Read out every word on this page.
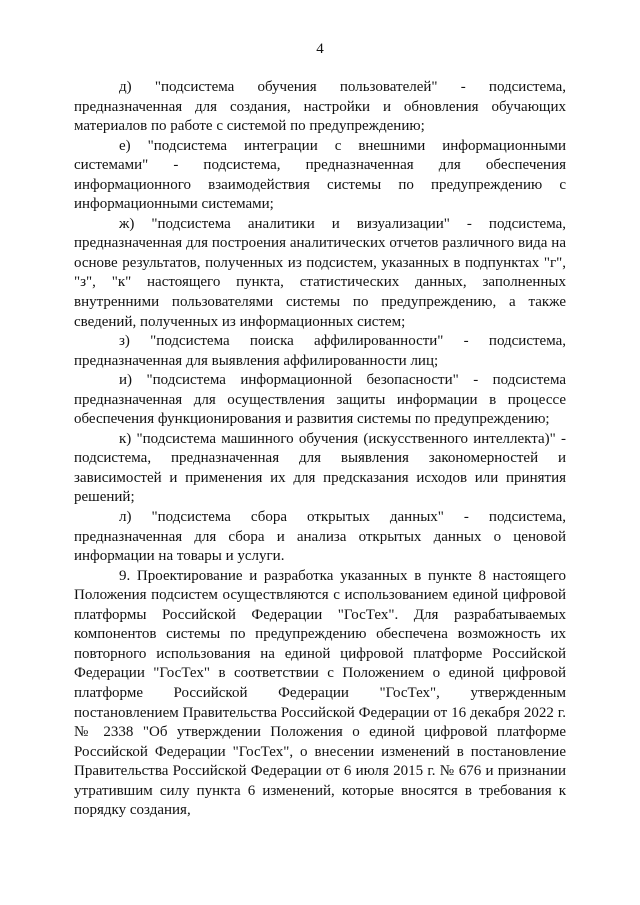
4

д) "подсистема обучения пользователей" - подсистема, предназначенная для создания, настройки и обновления обучающих материалов по работе с системой по предупреждению;

е) "подсистема интеграции с внешними информационными системами" - подсистема, предназначенная для обеспечения информационного взаимодействия системы по предупреждению с информационными системами;

ж) "подсистема аналитики и визуализации" - подсистема, предназначенная для построения аналитических отчетов различного вида на основе результатов, полученных из подсистем, указанных в подпунктах "г", "з", "к" настоящего пункта, статистических данных, заполненных внутренними пользователями системы по предупреждению, а также сведений, полученных из информационных систем;

з) "подсистема поиска аффилированности" - подсистема, предназначенная для выявления аффилированности лиц;

и) "подсистема информационной безопасности" - подсистема предназначенная для осуществления защиты информации в процессе обеспечения функционирования и развития системы по предупреждению;

к) "подсистема машинного обучения (искусственного интеллекта)" - подсистема, предназначенная для выявления закономерностей и зависимостей и применения их для предсказания исходов или принятия решений;

л) "подсистема сбора открытых данных" - подсистема, предназначенная для сбора и анализа открытых данных о ценовой информации на товары и услуги.

9. Проектирование и разработка указанных в пункте 8 настоящего Положения подсистем осуществляются с использованием единой цифровой платформы Российской Федерации "ГосТех". Для разрабатываемых компонентов системы по предупреждению обеспечена возможность их повторного использования на единой цифровой платформе Российской Федерации "ГосТех" в соответствии с Положением о единой цифровой платформе Российской Федерации "ГосТех", утвержденным постановлением Правительства Российской Федерации от 16 декабря 2022 г. № 2338 "Об утверждении Положения о единой цифровой платформе Российской Федерации "ГосТех", о внесении изменений в постановление Правительства Российской Федерации от 6 июля 2015 г. № 676 и признании утратившим силу пункта 6 изменений, которые вносятся в требования к порядку создания,
